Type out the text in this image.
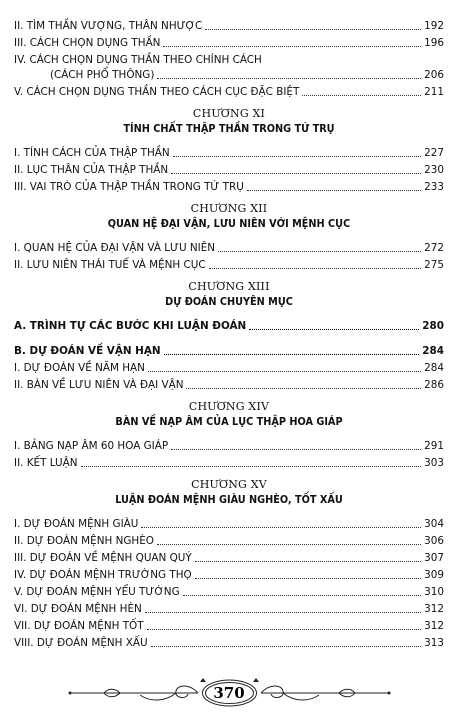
II. TÌM THẦN VƯỢNG, THÂN NHƯỢC	192
III. CÁCH CHỌN DỤNG THẦN	196
IV. CÁCH CHỌN DỤNG THẦN THEO CHÍNH CÁCH
(CÁCH PHỔ THÔNG)	206
V. CÁCH CHỌN DỤNG THẦN THEO CÁCH CỤC ĐẶC BIỆT	211
CHƯƠNG XI
TÍNH CHẤT THẬP THẦN TRONG TỨ TRỤ
I. TÍNH CÁCH CỦA THẬP THẦN	227
II. LỤC THÂN CỦA THẬP THẦN	230
III. VAI TRÒ CỦA THẬP THẦN TRONG TỨ TRỤ	233
CHƯƠNG XII
QUAN HỆ ĐẠI VẬN, LƯU NIÊN VỚI MỆNH CỤC
I. QUAN HỆ CỦA ĐẠI VẬN VÀ LƯU NIÊN	272
II. LƯU NIÊN THÁI TUẾ VÀ MỆNH CỤC	275
CHƯƠNG XIII
DỰ ĐOÁN CHUYÊN MỤC
A. TRÌNH TỰ CÁC BƯỚC KHI LUẬN ĐOÁN	280
B. DỰ ĐOÁN VỀ VẬN HẠN	284
I. DỰ ĐOÁN VỀ NĂM HẠN	284
II. BÀN VỀ LƯU NIÊN VÀ ĐẠI VẬN	286
CHƯƠNG XIV
BÀN VỀ NẠP ÂM CỦA LỤC THẬP HOA GIÁP
I. BẢNG NẠP ÂM 60 HOA GIÁP	291
II. KẾT LUẬN	303
CHƯƠNG XV
LUẬN ĐOÁN MỆNH GIÀU NGHÈO, TỐT XẤU
I. DỰ ĐOÁN MỆNH GIÀU	304
II. DỰ ĐOÁN MỆNH NGHÈO	306
III. DỰ ĐOÁN VỀ MỆNH QUAN QUÝ	307
IV. DỰ ĐOÁN MỆNH TRƯỜNG THỌ	309
V. DỰ ĐOÁN MỆNH YỂU TƯỚNG	310
VI. DỰ ĐOÁN MỆNH HÈN	312
VII. DỰ ĐOÁN MỆNH TỐT	312
VIII. DỰ ĐOÁN MỆNH XẤU	313
370
